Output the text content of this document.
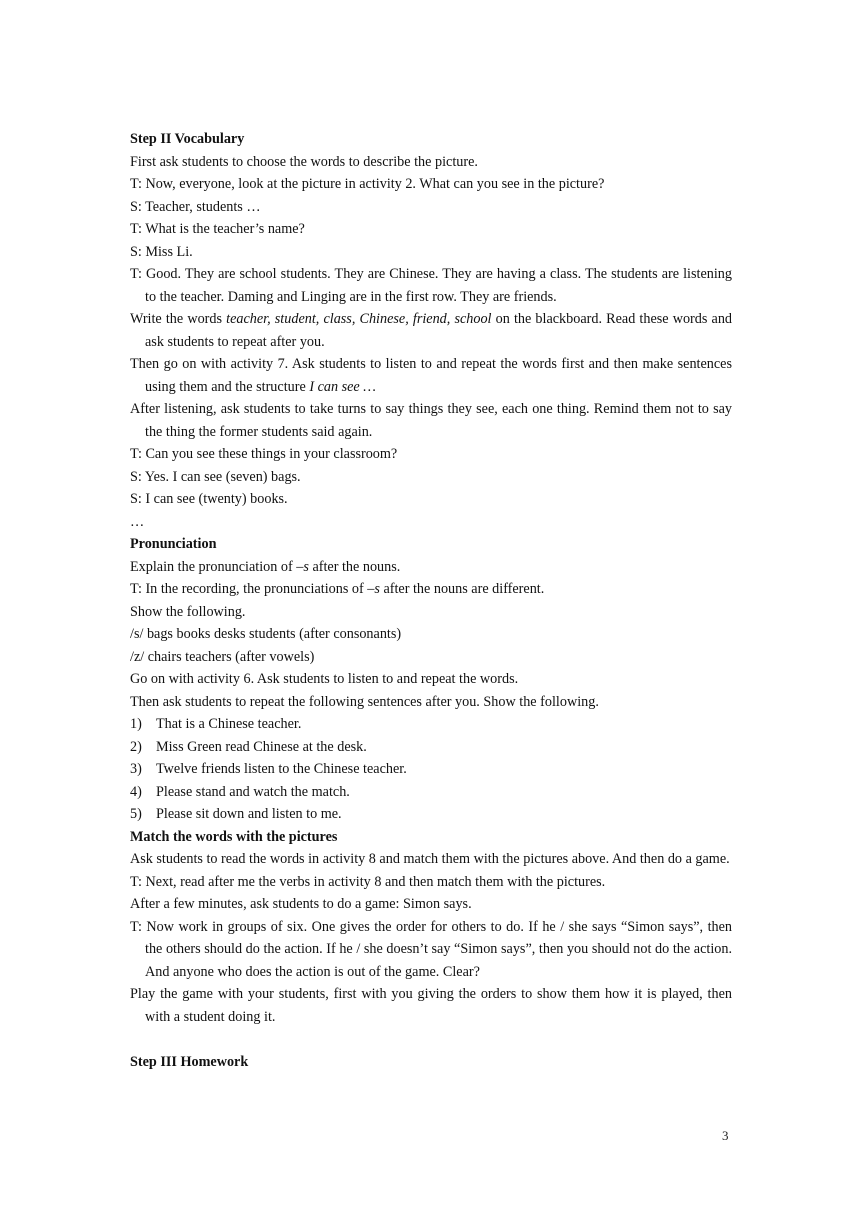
Step II Vocabulary

First ask students to choose the words to describe the picture.

T: Now, everyone, look at the picture in activity 2. What can you see in the picture?

S: Teacher, students …

T: What is the teacher’s name?

S: Miss Li.

T: Good. They are school students. They are Chinese. They are having a class. The students are listening to the teacher. Daming and Linging are in the first row. They are friends.

Write the words teacher, student, class, Chinese, friend, school on the blackboard. Read these words and ask students to repeat after you.

Then go on with activity 7. Ask students to listen to and repeat the words first and then make sentences using them and the structure I can see …

After listening, ask students to take turns to say things they see, each one thing. Remind them not to say the thing the former students said again.

T: Can you see these things in your classroom?

S: Yes. I can see (seven) bags.

S: I can see (twenty) books.

…

Pronunciation

Explain the pronunciation of –s after the nouns.

T: In the recording, the pronunciations of –s after the nouns are different.

Show the following.

/s/ bags books desks students (after consonants)

/z/ chairs teachers (after vowels)

Go on with activity 6. Ask students to listen to and repeat the words.

Then ask students to repeat the following sentences after you. Show the following.

1) That is a Chinese teacher.

2) Miss Green read Chinese at the desk.

3) Twelve friends listen to the Chinese teacher.

4) Please stand and watch the match.

5) Please sit down and listen to me.

Match the words with the pictures

Ask students to read the words in activity 8 and match them with the pictures above. And then do a game.

T: Next, read after me the verbs in activity 8 and then match them with the pictures.

After a few minutes, ask students to do a game: Simon says.

T: Now work in groups of six. One gives the order for others to do. If he / she says “Simon says”, then the others should do the action. If he / she doesn’t say “Simon says”, then you should not do the action. And anyone who does the action is out of the game. Clear?

Play the game with your students, first with you giving the orders to show them how it is played, then with a student doing it.

Step III Homework

3
